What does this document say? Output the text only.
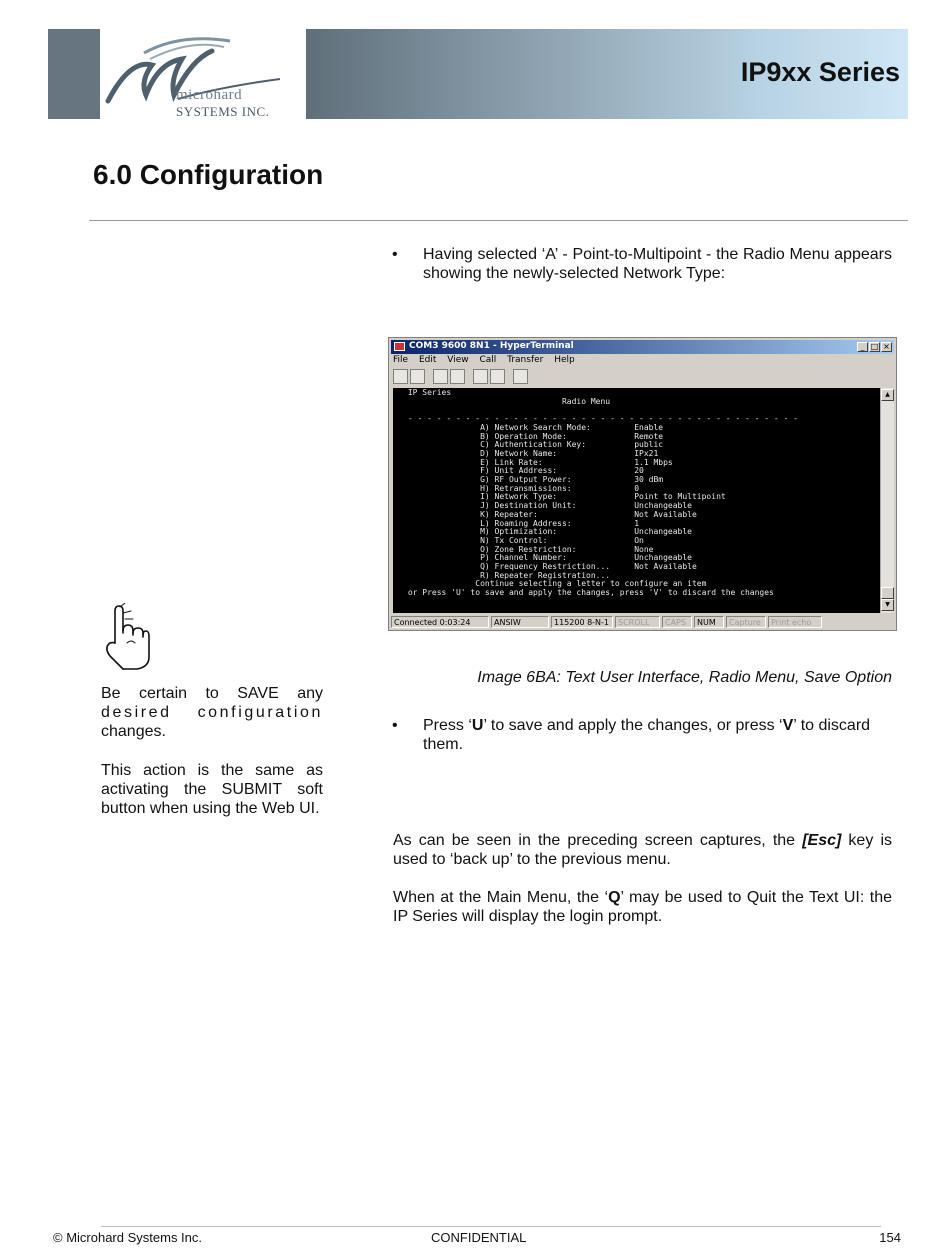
microhard SYSTEMS INC.
IP9xx Series
6.0 Configuration
• Having selected ‘A’ - Point-to-Multipoint - the Radio Menu appears showing the newly-selected Network Type:
COM3 9600 8N1 - HyperTerminal	_ □ ×
File Edit View Call Transfer Help
IP Series
Radio Menu

- - - - - - - - - - - - - - - - - - - - - - - - - - - - - - - - - - - - - - - - -
A) Network Search Mode:         Enable
B) Operation Mode:              Remote
C) Authentication Key:          public
D) Network Name:                IPx21
E) Link Rate:                   1.1 Mbps
F) Unit Address:                20
G) RF Output Power:             30 dBm
H) Retransmissions:             0
I) Network Type:                Point to Multipoint
J) Destination Unit:            Unchangeable
K) Repeater:                    Not Available
L) Roaming Address:             1
M) Optimization:                Unchangeable
N) Tx Control:                  On
O) Zone Restriction:            None
P) Channel Number:              Unchangeable
Q) Frequency Restriction...     Not Available
R) Repeater Registration...
Continue selecting a letter to configure an item
or Press 'U' to save and apply the changes, press 'V' to discard the changes
▲
▼
Connected 0:03:24	ANSIW	115200 8-N-1	SCROLL	CAPS	NUM	Capture	Print echo
Be certain to SAVE any
desired configuration
changes.
This action is the same as activating the SUBMIT soft button when using the Web UI.
Image 6BA: Text User Interface, Radio Menu, Save Option
• Press ‘U’ to save and apply the changes, or press ‘V’ to discard them.
As can be seen in the preceding screen captures, the [Esc] key is used to ‘back up’ to the previous menu.
When at the Main Menu, the ‘Q’ may be used to Quit the Text UI: the IP Series will display the login prompt.
© Microhard Systems Inc.	CONFIDENTIAL	154
